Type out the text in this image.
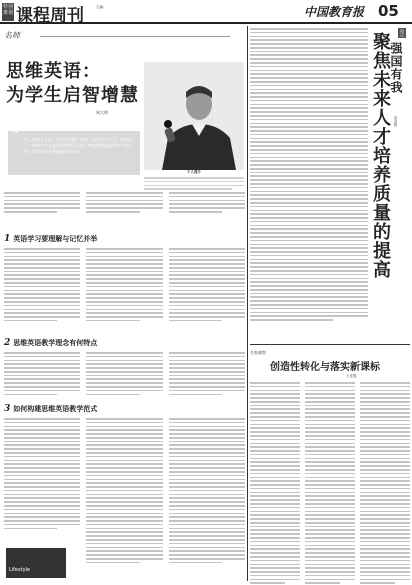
特别策划 课程周刊	主编：	中国教育报 05
名师
思维英语：
为学生启智增慧
周大明
“ 什么是英文文本，言归何言解？应该，还应该多记习，就想在了一种更学生在英语学的背后寻找一种是拥有新意的有个性之特、有思有能分超高的英语明高。
个人简介
1 英语学习要理解与记忆并举
2 思维英语教学理念有何特点
3 如何构建思维英语教学范式
Lifestyle
视点
强国有我
聚焦未来人才培养质量的提高 周治强
名家观察
创造性转化与落实新课标
王延强
